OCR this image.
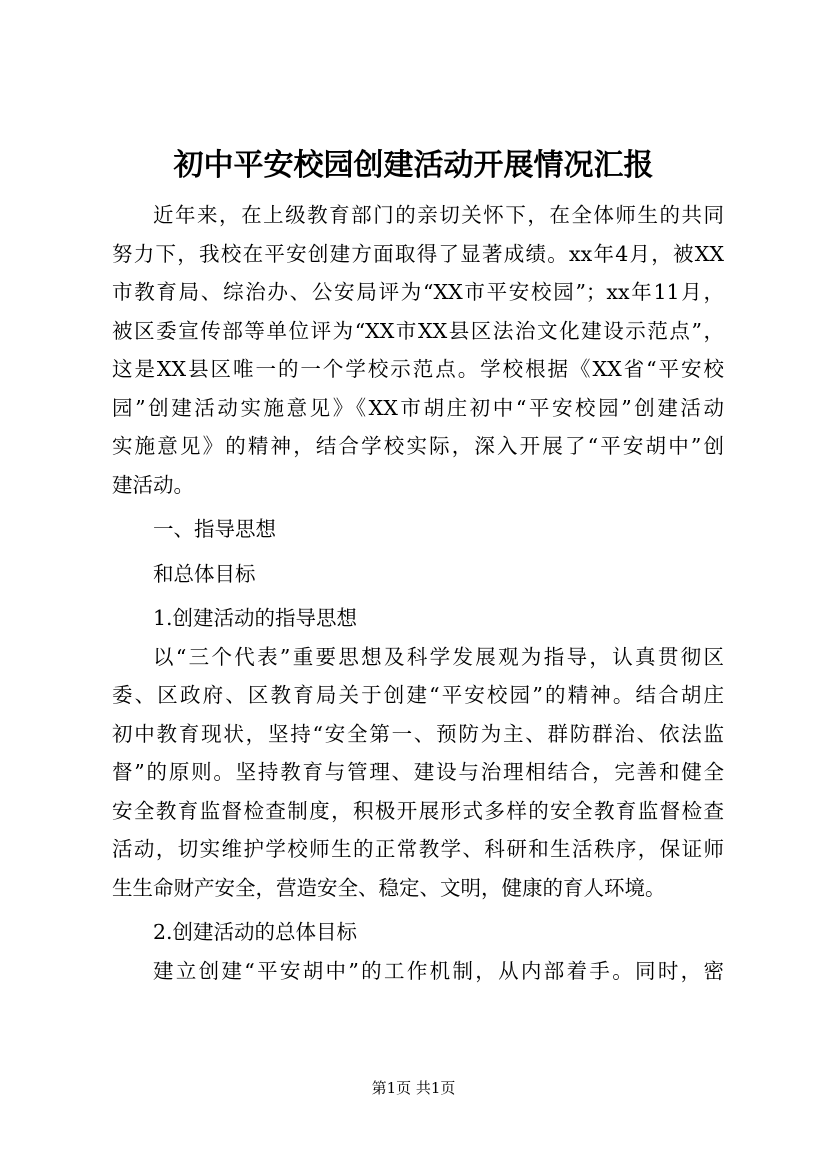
初中平安校园创建活动开展情况汇报
近年来，在上级教育部门的亲切关怀下，在全体师生的共同
努力下，我校在平安创建方面取得了显著成绩。xx年4月，被XX
市教育局、综治办、公安局评为“XX市平安校园”；xx年11月，
被区委宣传部等单位评为“XX市XX县区法治文化建设示范点”，
这是XX县区唯一的一个学校示范点。学校根据《XX省“平安校
园”创建活动实施意见》《XX市胡庄初中“平安校园”创建活动
实施意见》的精神，结合学校实际，深入开展了“平安胡中”创
建活动。
一、指导思想
和总体目标
1.创建活动的指导思想
以“三个代表”重要思想及科学发展观为指导，认真贯彻区
委、区政府、区教育局关于创建“平安校园”的精神。结合胡庄
初中教育现状，坚持“安全第一、预防为主、群防群治、依法监
督”的原则。坚持教育与管理、建设与治理相结合，完善和健全
安全教育监督检查制度，积极开展形式多样的安全教育监督检查
活动，切实维护学校师生的正常教学、科研和生活秩序，保证师
生生命财产安全，营造安全、稳定、文明，健康的育人环境。
2.创建活动的总体目标
建立创建“平安胡中”的工作机制，从内部着手。同时，密
第1页 共1页
